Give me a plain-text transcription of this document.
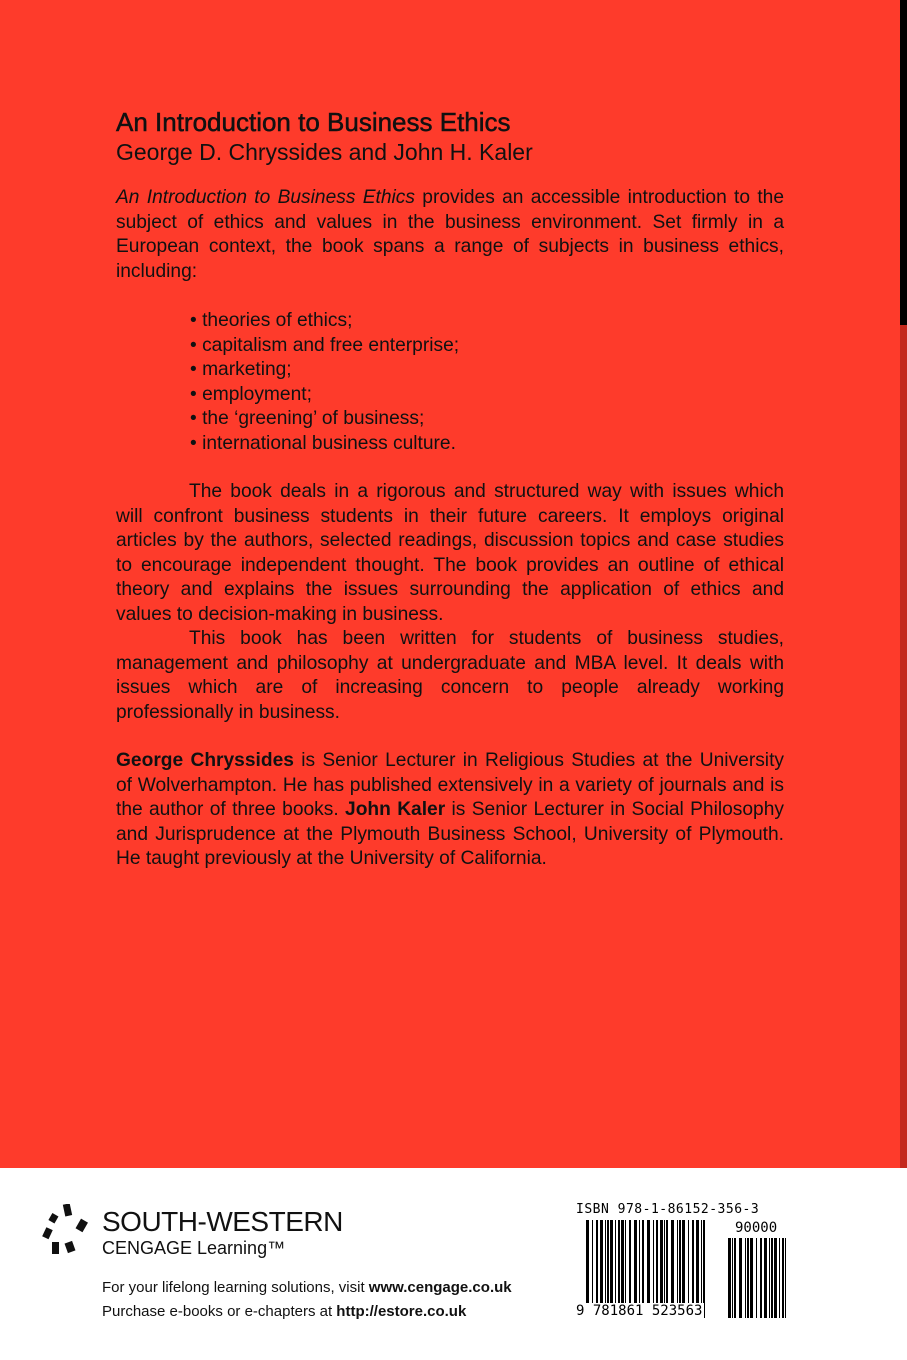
An Introduction to Business Ethics
George D. Chryssides and John H. Kaler

An Introduction to Business Ethics provides an accessible introduction to the subject of ethics and values in the business environment. Set firmly in a European context, the book spans a range of subjects in business ethics, including:

• theories of ethics;
• capitalism and free enterprise;
• marketing;
• employment;
• the ‘greening’ of business;
• international business culture.

The book deals in a rigorous and structured way with issues which will confront business students in their future careers. It employs original articles by the authors, selected readings, discussion topics and case studies to encourage independent thought. The book provides an outline of ethical theory and explains the issues surrounding the application of ethics and values to decision-making in business.

This book has been written for students of business studies, management and philosophy at undergraduate and MBA level. It deals with issues which are of increasing concern to people already working professionally in business.

George Chryssides is Senior Lecturer in Religious Studies at the University of Wolverhampton. He has published extensively in a variety of journals and is the author of three books. John Kaler is Senior Lecturer in Social Philosophy and Jurisprudence at the Plymouth Business School, University of Plymouth. He taught previously at the University of California.

SOUTH-WESTERN
CENGAGE Learning™
For your lifelong learning solutions, visit www.cengage.co.uk
Purchase e-books or e-chapters at http://estore.co.uk
ISBN 978-1-86152-356-3
90000
9 781861 523563
